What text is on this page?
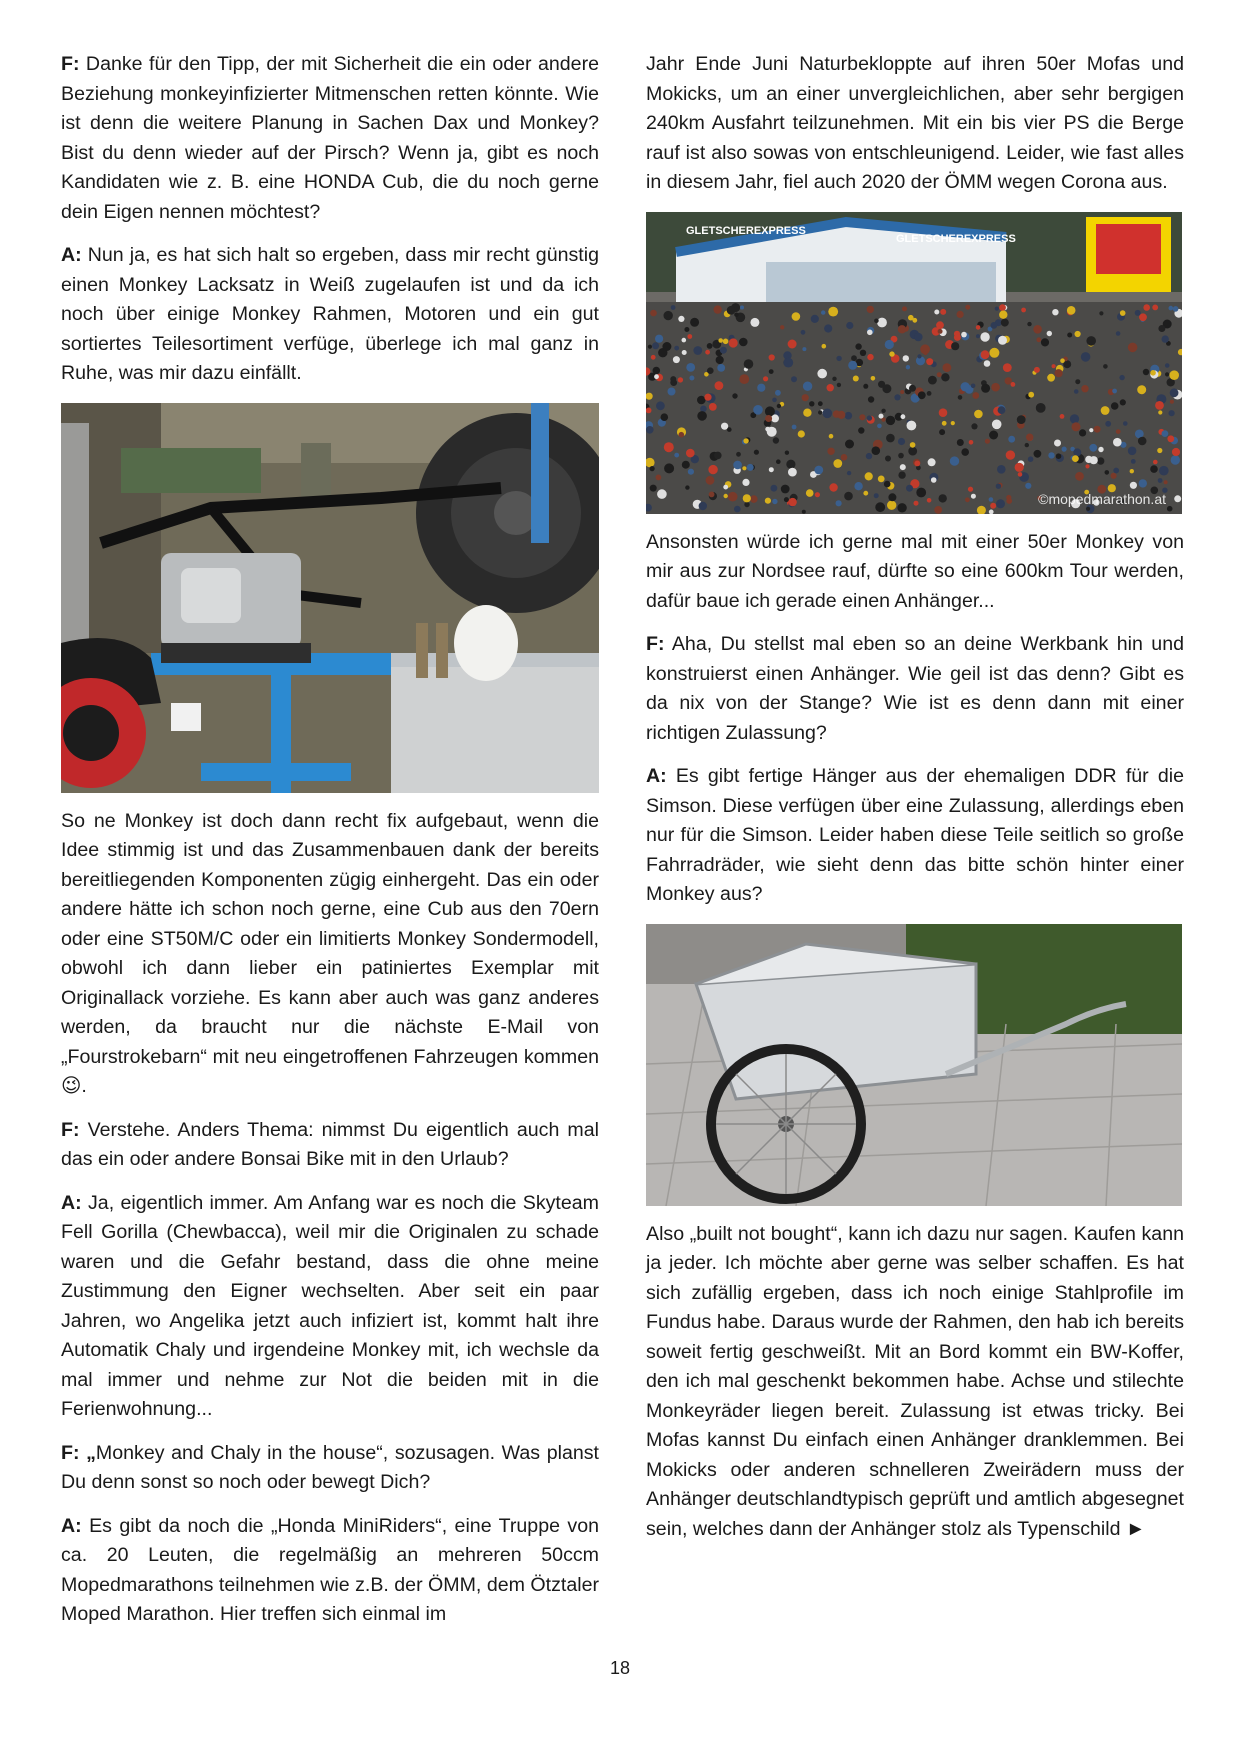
F: Danke für den Tipp, der mit Sicherheit die ein oder andere Beziehung monkeyinfizierter Mitmenschen retten könnte. Wie ist denn die weitere Planung in Sachen Dax und Monkey? Bist du denn wieder auf der Pirsch? Wenn ja, gibt es noch Kandidaten wie z. B. eine HONDA Cub, die du noch gerne dein Eigen nennen möchtest?

A: Nun ja, es hat sich halt so ergeben, dass mir recht günstig einen Monkey Lacksatz in Weiß zugelaufen ist und da ich noch über einige Monkey Rahmen, Motoren und ein gut sortiertes Teilesortiment verfüge, überlege ich mal ganz in Ruhe, was mir dazu einfällt.

So ne Monkey ist doch dann recht fix aufgebaut, wenn die Idee stimmig ist und das Zusammenbauen dank der bereits bereitliegenden Komponenten zügig einhergeht. Das ein oder andere hätte ich schon noch gerne, eine Cub aus den 70ern oder eine ST50M/C oder ein limitierts Monkey Sondermodell, obwohl ich dann lieber ein patiniertes Exemplar mit Originallack vorziehe. Es kann aber auch was ganz anderes werden, da braucht nur die nächste E-Mail von „Fourstrokebarn“ mit neu eingetroffenen Fahrzeugen kommen 😉.

F: Verstehe. Anders Thema: nimmst Du eigentlich auch mal das ein oder andere Bonsai Bike mit in den Urlaub?

A: Ja, eigentlich immer. Am Anfang war es noch die Skyteam Fell Gorilla (Chewbacca), weil mir die Originalen zu schade waren und die Gefahr bestand, dass die ohne meine Zustimmung den Eigner wechselten. Aber seit ein paar Jahren, wo Angelika jetzt auch infiziert ist, kommt halt ihre Automatik Chaly und irgendeine Monkey mit, ich wechsle da mal immer und nehme zur Not die beiden mit in die Ferienwohnung...

F: „Monkey and Chaly in the house“, sozusagen. Was planst Du denn sonst so noch oder bewegt Dich?

A: Es gibt da noch die „Honda MiniRiders“, eine Truppe von ca. 20 Leuten, die regelmäßig an mehreren 50ccm Mopedmarathons teilnehmen wie z.B. der ÖMM, dem Ötztaler Moped Marathon. Hier treffen sich einmal im

Jahr Ende Juni Naturbekloppte auf ihren 50er Mofas und Mokicks, um an einer unvergleichlichen, aber sehr bergigen 240km Ausfahrt teilzunehmen. Mit ein bis vier PS die Berge rauf ist also sowas von entschleunigend. Leider, wie fast alles in diesem Jahr, fiel auch 2020 der ÖMM wegen Corona aus.

GLETSCHEREXPRESS
GLETSCHEREXPRESS
©mopedmarathon.at

Ansonsten würde ich gerne mal mit einer 50er Monkey von mir aus zur Nordsee rauf, dürfte so eine 600km Tour werden, dafür baue ich gerade einen Anhänger...

F: Aha, Du stellst mal eben so an deine Werkbank hin und konstruierst einen Anhänger. Wie geil ist das denn? Gibt es da nix von der Stange? Wie ist es denn dann mit einer richtigen Zulassung?

A: Es gibt fertige Hänger aus der ehemaligen DDR für die Simson. Diese verfügen über eine Zulassung, allerdings eben nur für die Simson. Leider haben diese Teile seitlich so große Fahrradräder, wie sieht denn das bitte schön hinter einer Monkey aus?

Also „built not bought“, kann ich dazu nur sagen. Kaufen kann ja jeder. Ich möchte aber gerne was selber schaffen. Es hat sich zufällig ergeben, dass ich noch einige Stahlprofile im Fundus habe. Daraus wurde der Rahmen, den hab ich bereits soweit fertig geschweißt. Mit an Bord kommt ein BW-Koffer, den ich mal geschenkt bekommen habe. Achse und stilechte Monkeyräder liegen bereit. Zulassung ist etwas tricky. Bei Mofas kannst Du einfach einen Anhänger dranklemmen. Bei Mokicks oder anderen schnelleren Zweirädern muss der Anhänger deutschlandtypisch geprüft und amtlich abgesegnet sein, welches dann der Anhänger stolz als Typenschild ►

18
